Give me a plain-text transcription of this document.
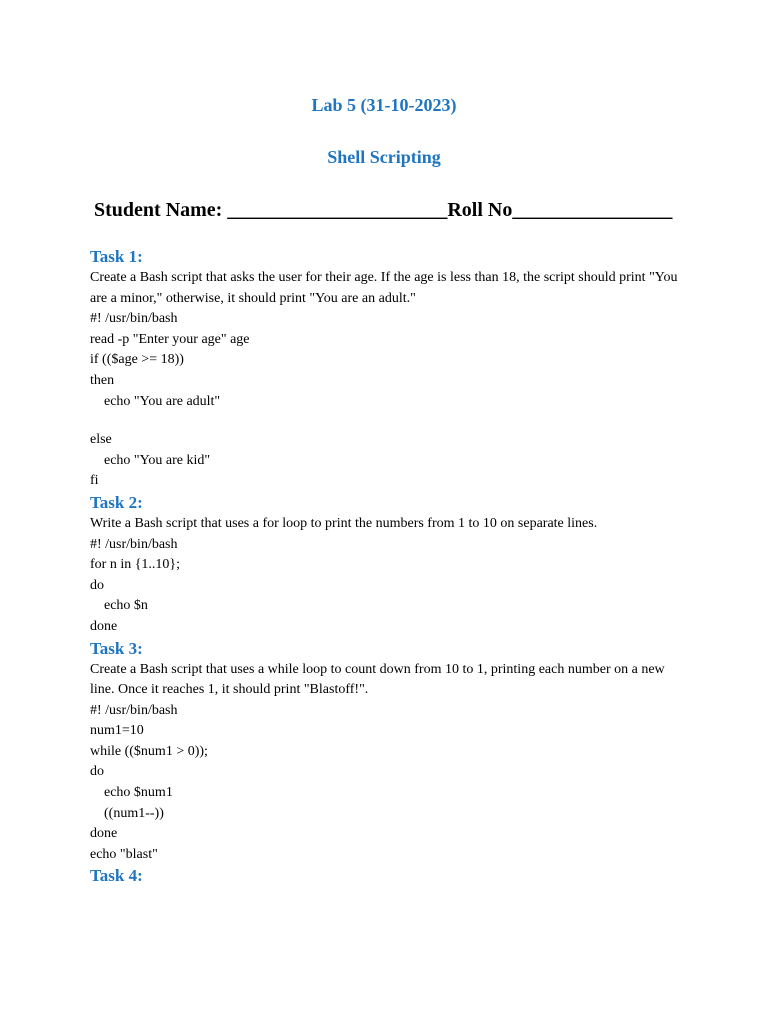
Lab 5 (31-10-2023)
Shell Scripting
Student Name: ______________________Roll No________________
Task 1:
Create a Bash script that asks the user for their age. If the age is less than 18, the script should print "You are a minor," otherwise, it should print "You are an adult."
#! /usr/bin/bash
read -p "Enter your age" age
if (($age >= 18))
then
echo "You are adult"
else
echo "You are kid"
fi
Task 2:
Write a Bash script that uses a for loop to print the numbers from 1 to 10 on separate lines.
#! /usr/bin/bash
for n in {1..10};
do
echo $n
done
Task 3:
Create a Bash script that uses a while loop to count down from 10 to 1, printing each number on a new line. Once it reaches 1, it should print "Blastoff!".
#! /usr/bin/bash
num1=10
while (($num1 > 0));
do
echo $num1
((num1--))
done
echo "blast"
Task 4:
